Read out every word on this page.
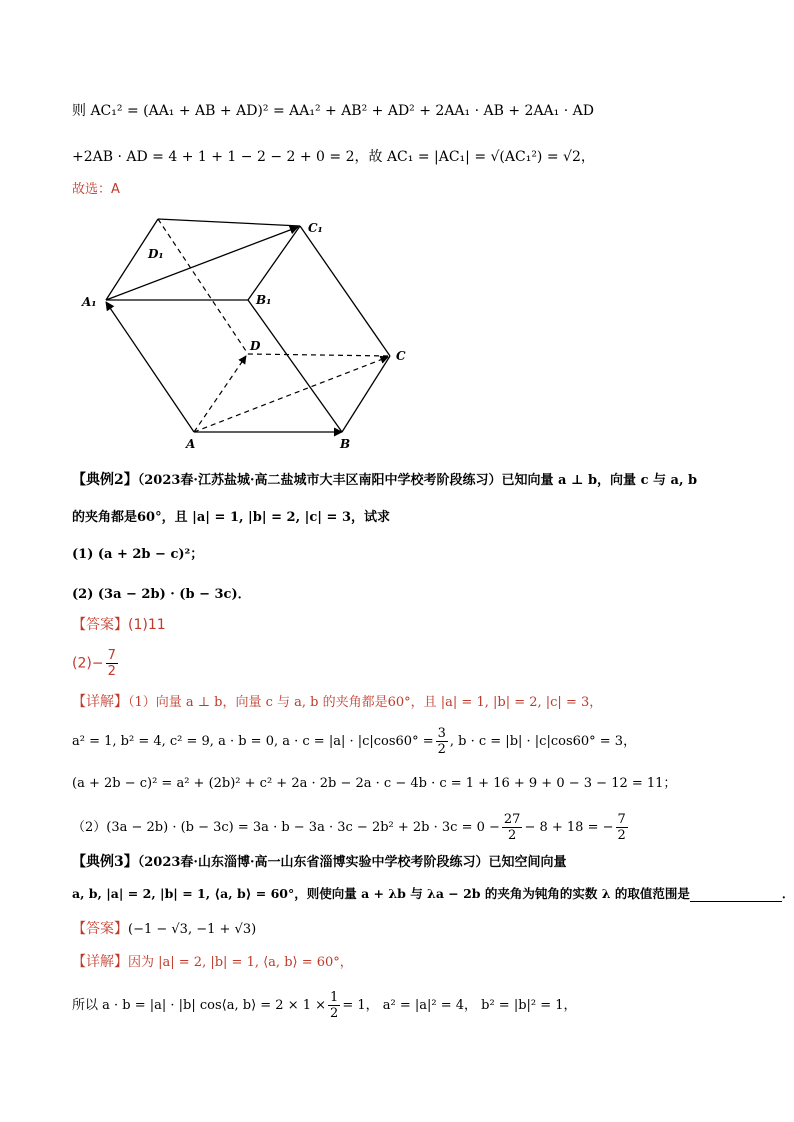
则 AC₁² = (AA₁ + AB + AD)² = AA₁² + AB² + AD² + 2AA₁ · AB + 2AA₁ · AD
+2AB · AD = 4 + 1 + 1 − 2 − 2 + 0 = 2，故 AC₁ = |AC₁| = √(AC₁²) = √2，
故选：A
C₁
D₁
A₁	B₁
D
C
A	B
【典例2】（2023春·江苏盐城·高二盐城市大丰区南阳中学校考阶段练习）已知向量 a ⊥ b，向量 c 与 a, b
的夹角都是60°，且 |a| = 1, |b| = 2, |c| = 3，试求
(1) (a + 2b − c)²；
(2) (3a − 2b) · (b − 3c)．
【答案】(1)11
$(2)- \frac{7}{2}$
【详解】（1）向量 a ⊥ b，向量 c 与 a, b 的夹角都是60°，且 |a| = 1, |b| = 2, |c| = 3，
a² = 1, b² = 4, c² = 9, a · b = 0, $a \cdot c = |a| \cdot |c|\cos 60^\circ = \frac{3}{2}$ , b · c = |b| · |c|cos60° = 3，
(a + 2b − c)² = a² + (2b)² + c² + 2a · 2b − 2a · c − 4b · c = 1 + 16 + 9 + 0 − 3 − 12 = 11；
$(2)(3a - 2b) \cdot (b - 3c) = 3a \cdot b - 3a \cdot 3c - 2b^2 + 2b \cdot 3c = 0 - \frac{27}{2} - 8 + 18$ = − $\frac{7}{2}$
【典例3】（2023春·山东淄博·高一山东省淄博实验中学校考阶段练习）已知空间向量
a, b, |a| = 2, |b| = 1, ⟨a, b⟩ = 60°，则使向量 a + λb 与 λa − 2b 的夹角为钝角的实数 λ 的取值范围是	．
【答案】(−1 − √3, −1 + √3)
【详解】因为 |a| = 2, |b| = 1, ⟨a, b⟩ = 60°，
所以 a · b = |a| · |b| cos⟨a, b⟩ = $2 \times 1 \times \frac{1}{2} = 1$， a² = |a|² = 4， b² = |b|² = 1，
